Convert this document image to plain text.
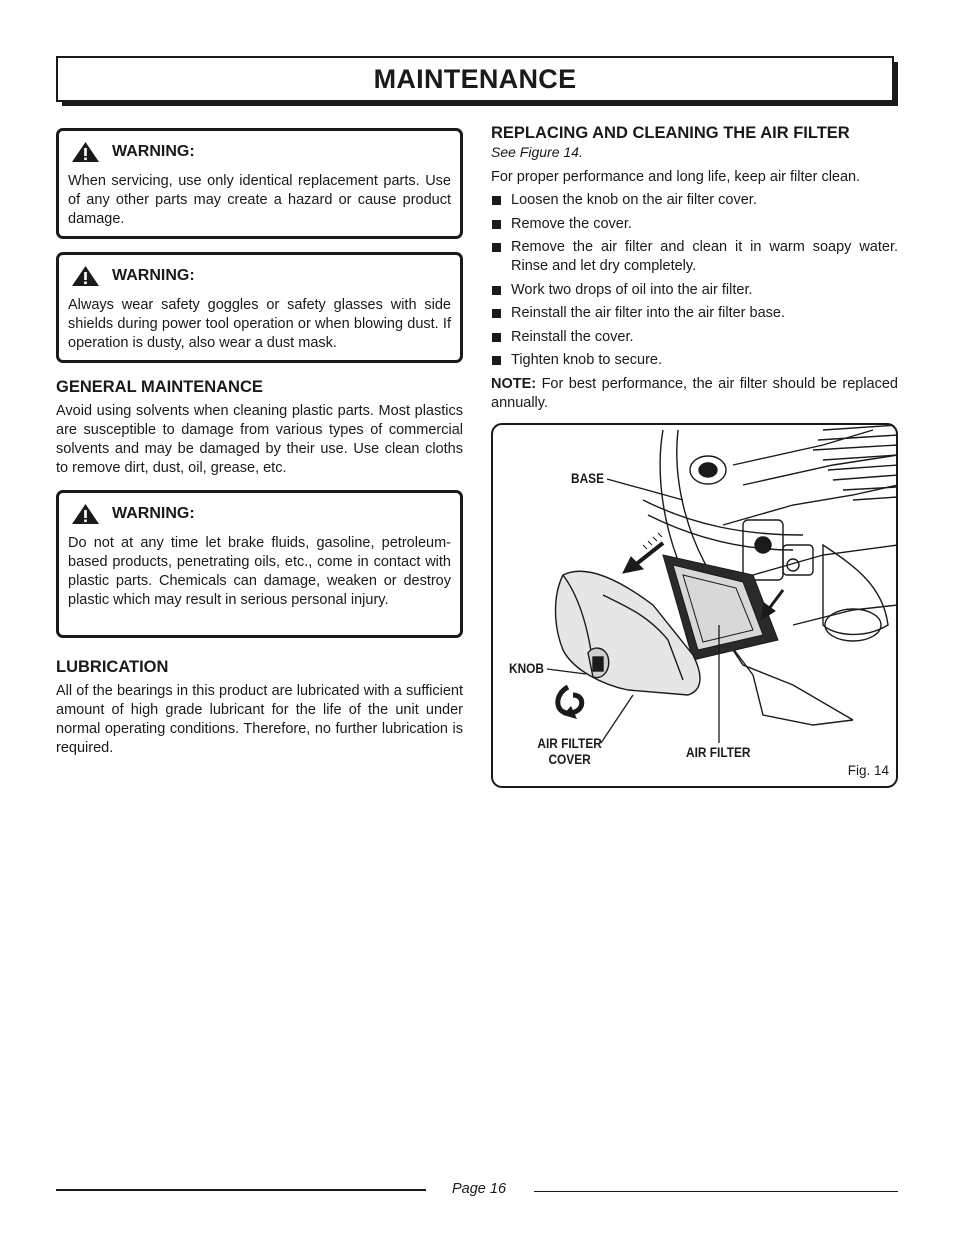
MAINTENANCE
WARNING:
When servicing, use only identical replacement parts. Use of any other parts may create a hazard or cause product damage.
WARNING:
Always wear safety goggles or safety glasses with side shields during power tool operation or when blowing dust. If operation is dusty, also wear a dust mask.
GENERAL MAINTENANCE

Avoid using solvents when cleaning plastic parts. Most plastics are susceptible to damage from various types of commercial solvents and may be damaged by their use. Use clean cloths to remove dirt, dust, oil, grease, etc.

WARNING:
Do not at any time let brake fluids, gasoline, petroleum-based products, penetrating oils, etc., come in contact with plastic parts. Chemicals can damage, weaken or destroy plastic which may result in serious personal injury.
LUBRICATION

All of the bearings in this product are lubricated with a sufficient amount of high grade lubricant for the life of the unit under normal operating conditions. Therefore, no further lubrication is required.

REPLACING AND CLEANING THE AIR FILTER
See Figure 14.

For proper performance and long life, keep air filter clean.

Loosen the knob on the air filter cover.
Remove the cover.
Remove the air filter and clean it in warm soapy water. Rinse and let dry completely.
Work two drops of oil into the air filter.
Reinstall the air filter into the air filter base.
Reinstall the cover.
Tighten knob to secure.

NOTE: For best performance, the air filter should be replaced annually.

BASE
KNOB
AIR FILTER
COVER	AIR FILTER
Fig. 14
Page 16
